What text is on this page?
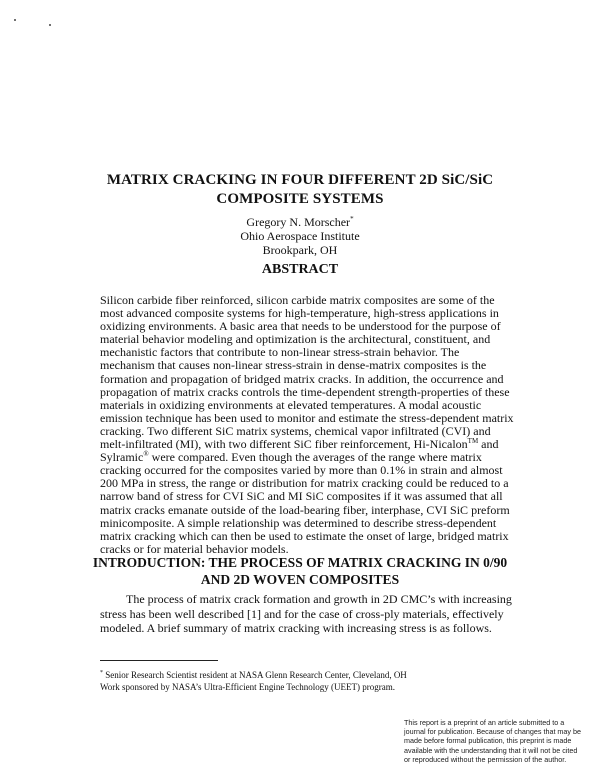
MATRIX CRACKING IN FOUR DIFFERENT 2D SiC/SiC
COMPOSITE SYSTEMS
Gregory N. Morscher*
Ohio Aerospace Institute
Brookpark, OH
ABSTRACT
Silicon carbide fiber reinforced, silicon carbide matrix composites are some of the most advanced composite systems for high-temperature, high-stress applications in oxidizing environments. A basic area that needs to be understood for the purpose of material behavior modeling and optimization is the architectural, constituent, and mechanistic factors that contribute to non-linear stress-strain behavior. The mechanism that causes non-linear stress-strain in dense-matrix composites is the formation and propagation of bridged matrix cracks. In addition, the occurrence and propagation of matrix cracks controls the time-dependent strength-properties of these materials in oxidizing environments at elevated temperatures. A modal acoustic emission technique has been used to monitor and estimate the stress-dependent matrix cracking. Two different SiC matrix systems, chemical vapor infiltrated (CVI) and melt-infiltrated (MI), with two different SiC fiber reinforcement, Hi-Nicalon™ and Sylramic® were compared. Even though the averages of the range where matrix cracking occurred for the composites varied by more than 0.1% in strain and almost 200 MPa in stress, the range or distribution for matrix cracking could be reduced to a narrow band of stress for CVI SiC and MI SiC composites if it was assumed that all matrix cracks emanate outside of the load-bearing fiber, interphase, CVI SiC preform minicomposite. A simple relationship was determined to describe stress-dependent matrix cracking which can then be used to estimate the onset of large, bridged matrix cracks or for material behavior models.
INTRODUCTION: THE PROCESS OF MATRIX CRACKING IN 0/90
AND 2D WOVEN COMPOSITES
The process of matrix crack formation and growth in 2D CMC’s with increasing stress has been well described [1] and for the case of cross-ply materials, effectively modeled. A brief summary of matrix cracking with increasing stress is as follows.
* Senior Research Scientist resident at NASA Glenn Research Center, Cleveland, OH
Work sponsored by NASA’s Ultra-Efficient Engine Technology (UEET) program.
This report is a preprint of an article submitted to a journal for publication. Because of changes that may be made before formal publication, this preprint is made available with the understanding that it will not be cited or reproduced without the permission of the author.
